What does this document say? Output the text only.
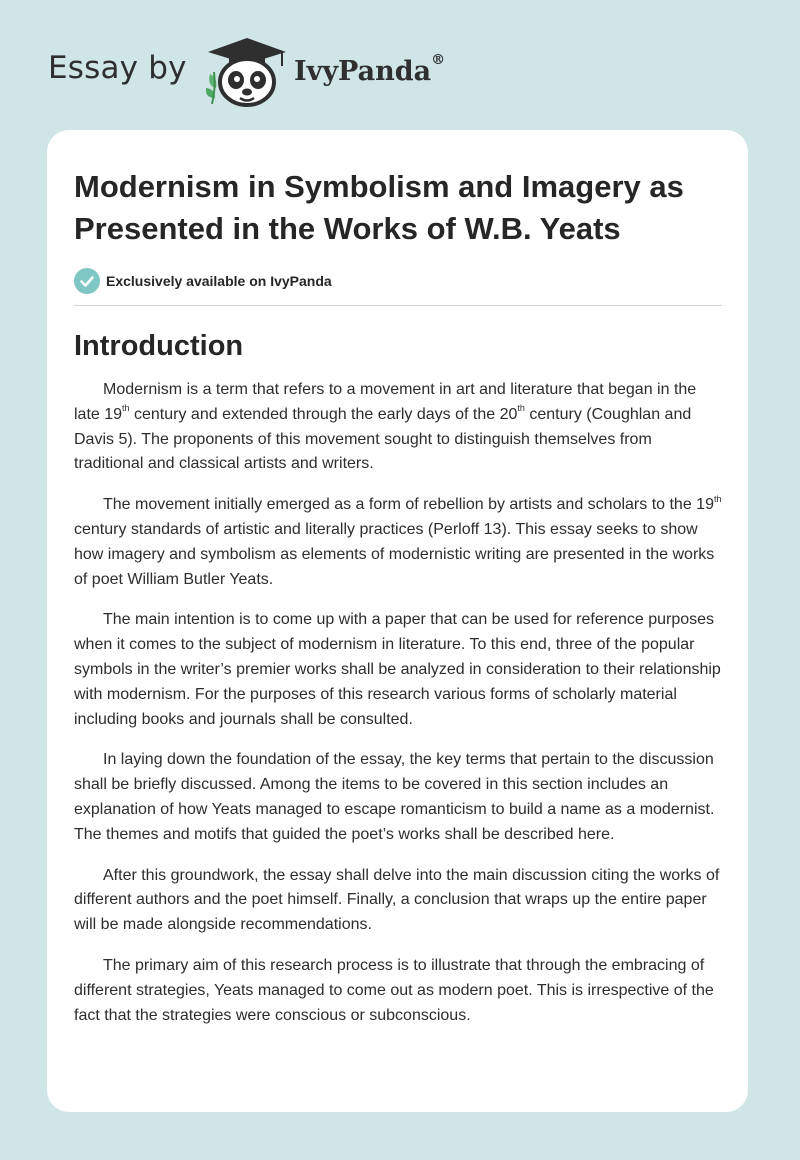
Essay by	IvyPanda®
Modernism in Symbolism and Imagery as Presented in the Works of W.B. Yeats
Exclusively available on IvyPanda
Introduction

Modernism is a term that refers to a movement in art and literature that began in the late 19th century and extended through the early days of the 20th century (Coughlan and Davis 5). The proponents of this movement sought to distinguish themselves from traditional and classical artists and writers.

The movement initially emerged as a form of rebellion by artists and scholars to the 19th century standards of artistic and literally practices (Perloff 13). This essay seeks to show how imagery and symbolism as elements of modernistic writing are presented in the works of poet William Butler Yeats.

The main intention is to come up with a paper that can be used for reference purposes when it comes to the subject of modernism in literature. To this end, three of the popular symbols in the writer’s premier works shall be analyzed in consideration to their relationship with modernism. For the purposes of this research various forms of scholarly material including books and journals shall be consulted.

In laying down the foundation of the essay, the key terms that pertain to the discussion shall be briefly discussed. Among the items to be covered in this section includes an explanation of how Yeats managed to escape romanticism to build a name as a modernist. The themes and motifs that guided the poet’s works shall be described here.

After this groundwork, the essay shall delve into the main discussion citing the works of different authors and the poet himself. Finally, a conclusion that wraps up the entire paper will be made alongside recommendations.

The primary aim of this research process is to illustrate that through the embracing of different strategies, Yeats managed to come out as modern poet. This is irrespective of the fact that the strategies were conscious or subconscious.
